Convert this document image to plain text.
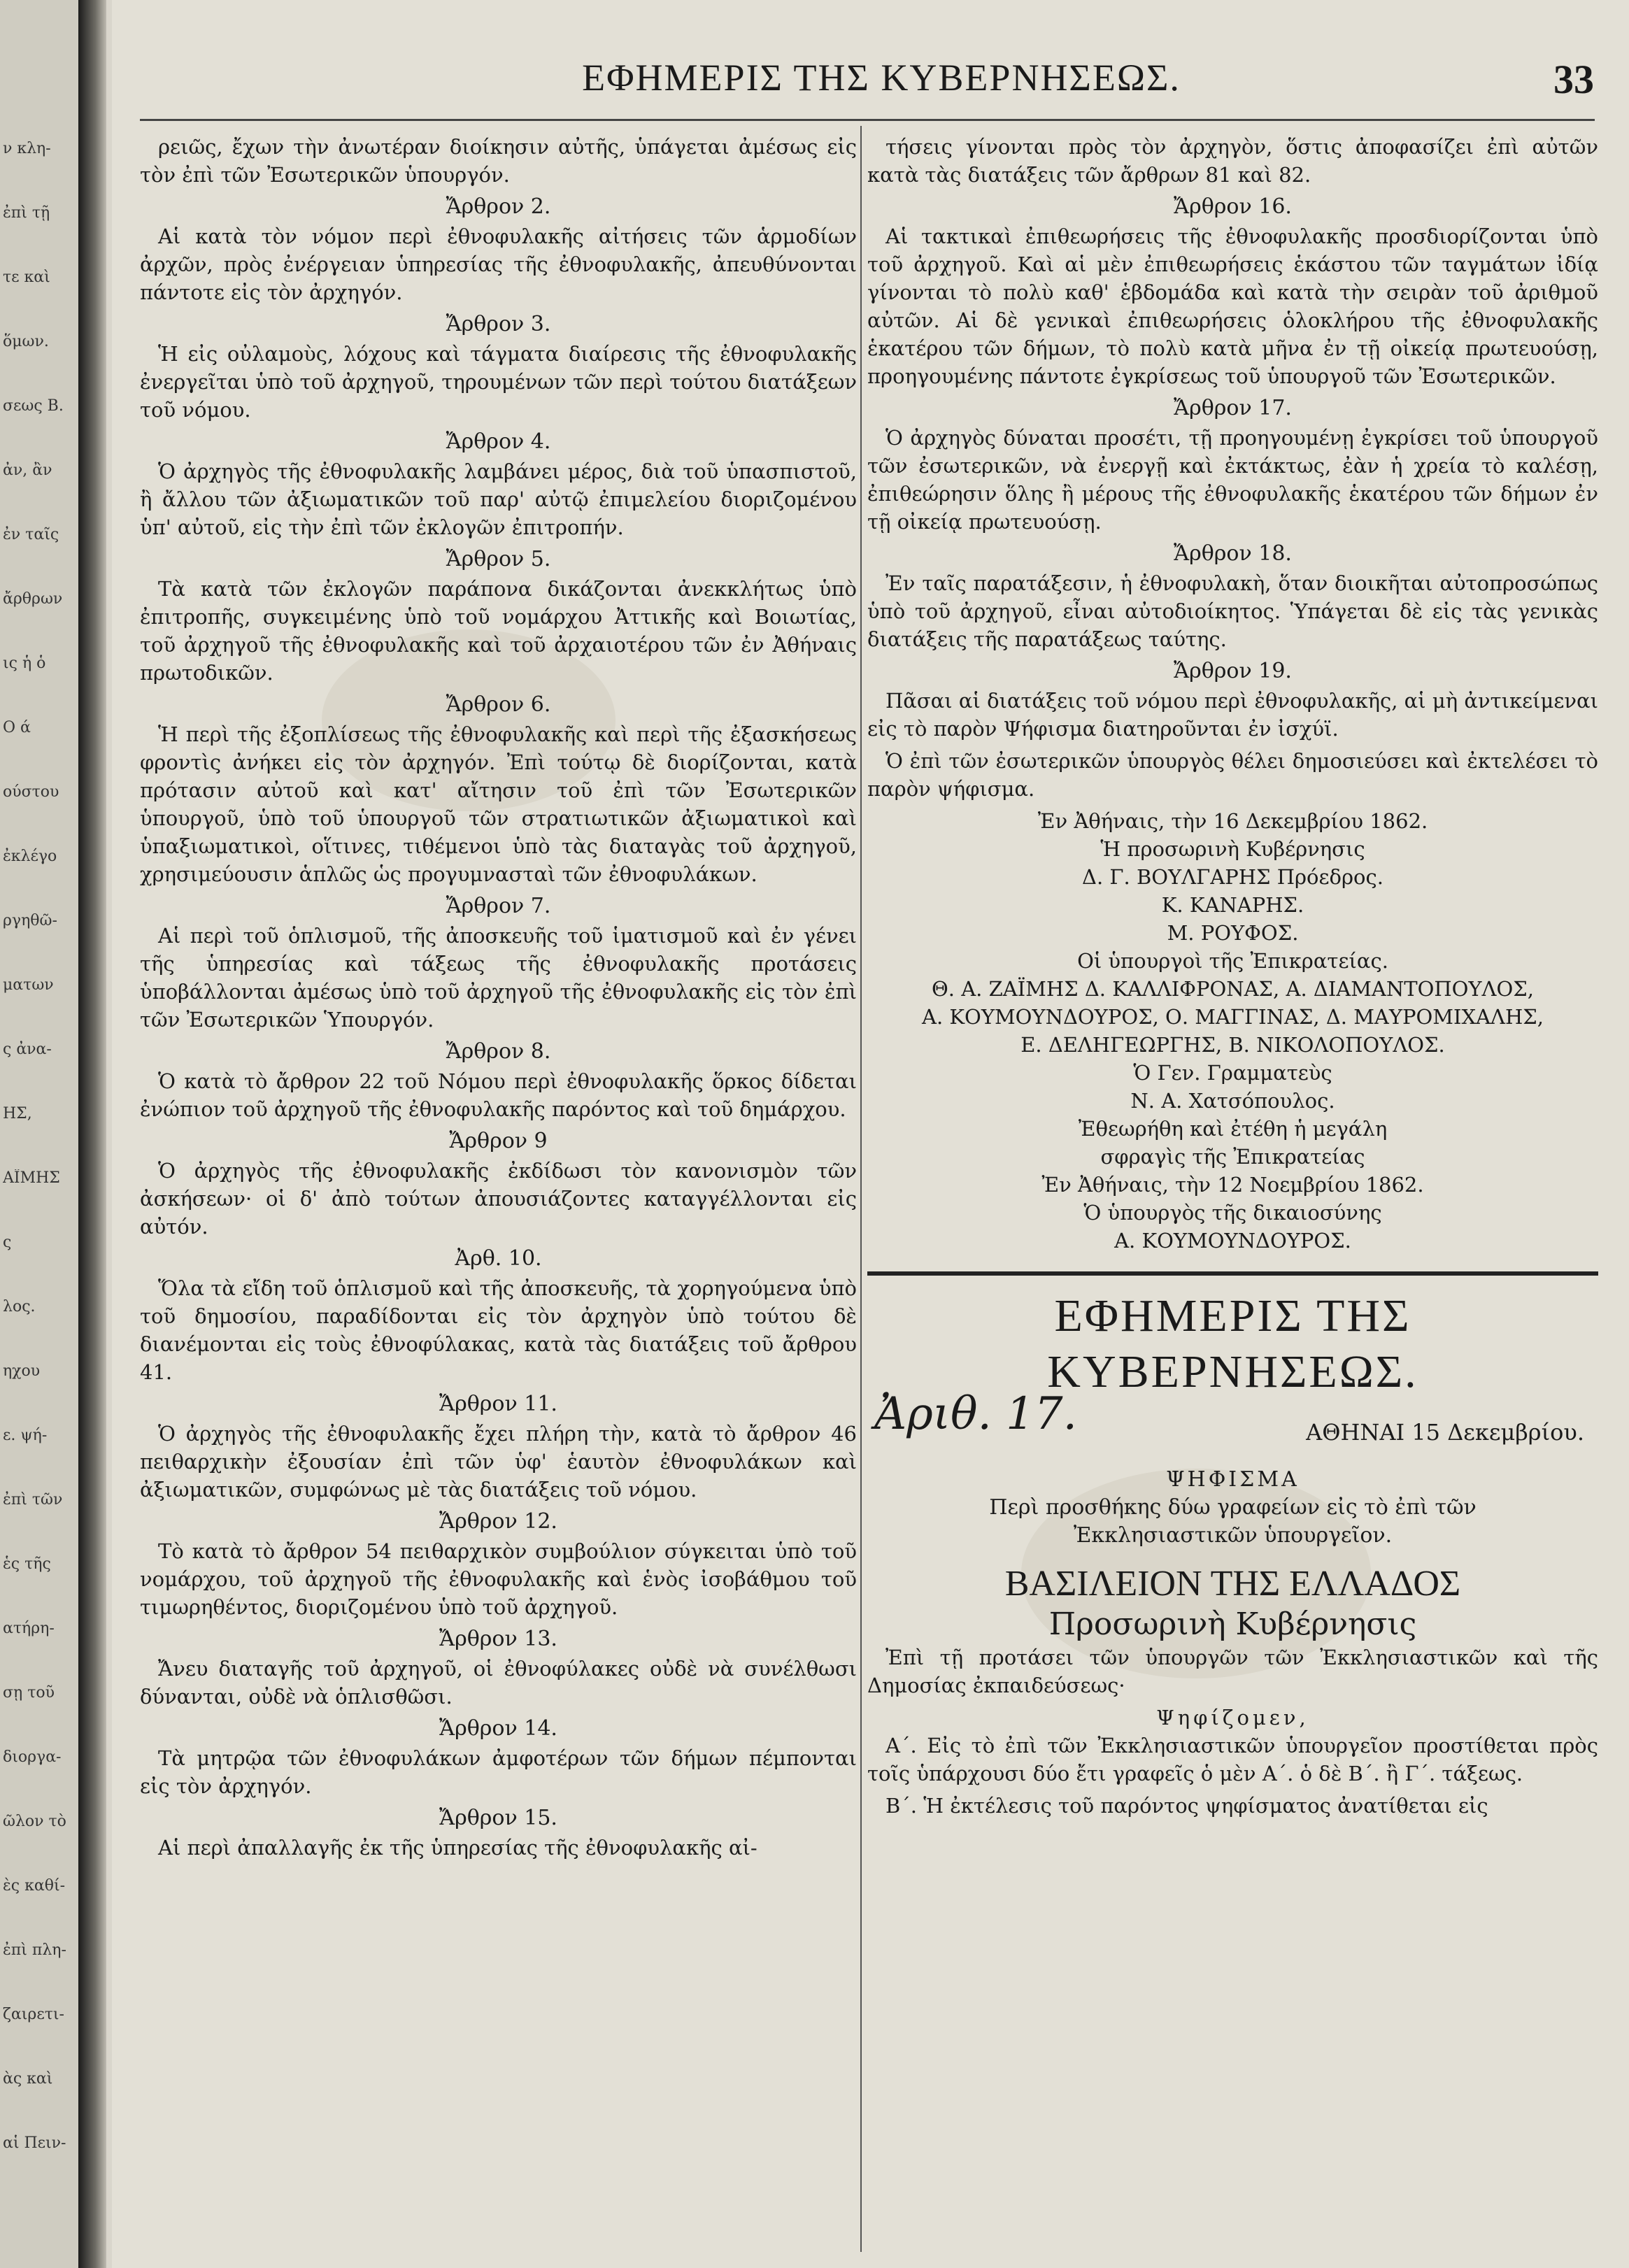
ν κλη-
ἐπὶ τῇ
τε καὶ
ὅμων.
σεως Β.
ἀν, ἂν
ἐν ταῖς
ἄρθρων
ις ἡ ὁ
Ο ά
ούστου
ἐκλέγο
ργηθῶ-
ματων
ς ἀνα-
ΗΣ,
ΑΪΜΗΣ
ς
λος.
ηχου
ε. ψή-
ἐπὶ τῶν
ἑς τῆς
ατήρη-
σῃ τοῦ
διοργα-
ῶλον τὸ
ὲς καθί-
ἐπὶ πλη-
ζαιρετι-
ὰς καὶ
αἱ Πειν-
ΕΦΗΜΕΡΙΣ ΤΗΣ ΚΥΒΕΡΝΗΣΕΩΣ.	33

ρειῶς, ἔχων τὴν ἀνωτέραν διοίκησιν αὐτῆς, ὑπάγεται ἀμέσως εἰς τὸν ἐπὶ τῶν Ἐσωτερικῶν ὑπουργόν.

Ἄρθρον 2.

Αἱ κατὰ τὸν νόμον περὶ ἐθνοφυλακῆς αἰτήσεις τῶν ἁρμοδίων ἀρχῶν, πρὸς ἐνέργειαν ὑπηρεσίας τῆς ἐθνοφυλακῆς, ἀπευθύνονται πάντοτε εἰς τὸν ἀρχηγόν.

Ἄρθρον 3.

Ἡ εἰς οὐλαμοὺς, λόχους καὶ τάγματα διαίρεσις τῆς ἐθνοφυλακῆς ἐνεργεῖται ὑπὸ τοῦ ἀρχηγοῦ, τηρουμένων τῶν περὶ τούτου διατάξεων τοῦ νόμου.

Ἄρθρον 4.

Ὁ ἀρχηγὸς τῆς ἐθνοφυλακῆς λαμβάνει μέρος, διὰ τοῦ ὑπασπιστοῦ, ἢ ἄλλου τῶν ἀξιωματικῶν τοῦ παρ' αὐτῷ ἐπιμελείου διοριζομένου ὑπ' αὐτοῦ, εἰς τὴν ἐπὶ τῶν ἐκλογῶν ἐπιτροπήν.

Ἄρθρον 5.

Τὰ κατὰ τῶν ἐκλογῶν παράπονα δικάζονται ἀνεκκλήτως ὑπὸ ἐπιτροπῆς, συγκειμένης ὑπὸ τοῦ νομάρχου Ἀττικῆς καὶ Βοιωτίας, τοῦ ἀρχηγοῦ τῆς ἐθνοφυλακῆς καὶ τοῦ ἀρχαιοτέρου τῶν ἐν Ἀθήναις πρωτοδικῶν.

Ἄρθρον 6.

Ἡ περὶ τῆς ἐξοπλίσεως τῆς ἐθνοφυλακῆς καὶ περὶ τῆς ἐξασκήσεως φροντὶς ἀνήκει εἰς τὸν ἀρχηγόν. Ἐπὶ τούτῳ δὲ διορίζονται, κατὰ πρότασιν αὐτοῦ καὶ κατ' αἴτησιν τοῦ ἐπὶ τῶν Ἐσωτερικῶν ὑπουργοῦ, ὑπὸ τοῦ ὑπουργοῦ τῶν στρατιωτικῶν ἀξιωματικοὶ καὶ ὑπαξιωματικοὶ, οἵτινες, τιθέμενοι ὑπὸ τὰς διαταγὰς τοῦ ἀρχηγοῦ, χρησιμεύουσιν ἁπλῶς ὡς προγυμνασταὶ τῶν ἐθνοφυλάκων.

Ἄρθρον 7.

Αἱ περὶ τοῦ ὁπλισμοῦ, τῆς ἀποσκευῆς τοῦ ἱματισμοῦ καὶ ἐν γένει τῆς ὑπηρεσίας καὶ τάξεως τῆς ἐθνοφυλακῆς προτάσεις ὑποβάλλονται ἀμέσως ὑπὸ τοῦ ἀρχηγοῦ τῆς ἐθνοφυλακῆς εἰς τὸν ἐπὶ τῶν Ἐσωτερικῶν Ὑπουργόν.

Ἄρθρον 8.

Ὁ κατὰ τὸ ἄρθρον 22 τοῦ Νόμου περὶ ἐθνοφυλακῆς ὅρκος δίδεται ἐνώπιον τοῦ ἀρχηγοῦ τῆς ἐθνοφυλακῆς παρόντος καὶ τοῦ δημάρχου.

Ἄρθρον 9

Ὁ ἀρχηγὸς τῆς ἐθνοφυλακῆς ἐκδίδωσι τὸν κανονισμὸν τῶν ἀσκήσεων· οἱ δ' ἀπὸ τούτων ἀπουσιάζοντες καταγγέλλονται εἰς αὐτόν.

Ἀρθ. 10.

Ὅλα τὰ εἴδη τοῦ ὁπλισμοῦ καὶ τῆς ἀποσκευῆς, τὰ χορηγούμενα ὑπὸ τοῦ δημοσίου, παραδίδονται εἰς τὸν ἀρχηγὸν ὑπὸ τούτου δὲ διανέμονται εἰς τοὺς ἐθνοφύλακας, κατὰ τὰς διατάξεις τοῦ ἄρθρου 41.

Ἄρθρον 11.

Ὁ ἀρχηγὸς τῆς ἐθνοφυλακῆς ἔχει πλήρη τὴν, κατὰ τὸ ἄρθρον 46 πειθαρχικὴν ἐξουσίαν ἐπὶ τῶν ὑφ' ἑαυτὸν ἐθνοφυλάκων καὶ ἀξιωματικῶν, συμφώνως μὲ τὰς διατάξεις τοῦ νόμου.

Ἄρθρον 12.

Τὸ κατὰ τὸ ἄρθρον 54 πειθαρχικὸν συμβούλιον σύγκειται ὑπὸ τοῦ νομάρχου, τοῦ ἀρχηγοῦ τῆς ἐθνοφυλακῆς καὶ ἑνὸς ἰσοβάθμου τοῦ τιμωρηθέντος, διοριζομένου ὑπὸ τοῦ ἀρχηγοῦ.

Ἄρθρον 13.

Ἄνευ διαταγῆς τοῦ ἀρχηγοῦ, οἱ ἐθνοφύλακες οὐδὲ νὰ συνέλθωσι δύνανται, οὐδὲ νὰ ὁπλισθῶσι.

Ἄρθρον 14.

Τὰ μητρῷα τῶν ἐθνοφυλάκων ἀμφοτέρων τῶν δήμων πέμπονται εἰς τὸν ἀρχηγόν.

Ἄρθρον 15.

Αἱ περὶ ἀπαλλαγῆς ἐκ τῆς ὑπηρεσίας τῆς ἐθνοφυλακῆς αἰ-

τήσεις γίνονται πρὸς τὸν ἀρχηγὸν, ὅστις ἀποφασίζει ἐπὶ αὐτῶν κατὰ τὰς διατάξεις τῶν ἄρθρων 81 καὶ 82.

Ἄρθρον 16.

Αἱ τακτικαὶ ἐπιθεωρήσεις τῆς ἐθνοφυλακῆς προσδιορίζονται ὑπὸ τοῦ ἀρχηγοῦ. Καὶ αἱ μὲν ἐπιθεωρήσεις ἑκάστου τῶν ταγμάτων ἰδίᾳ γίνονται τὸ πολὺ καθ' ἑβδομάδα καὶ κατὰ τὴν σειρὰν τοῦ ἀριθμοῦ αὐτῶν. Αἱ δὲ γενικαὶ ἐπιθεωρήσεις ὁλοκλήρου τῆς ἐθνοφυλακῆς ἑκατέρου τῶν δήμων, τὸ πολὺ κατὰ μῆνα ἐν τῇ οἰκείᾳ πρωτευούσῃ, προηγουμένης πάντοτε ἐγκρίσεως τοῦ ὑπουργοῦ τῶν Ἐσωτερικῶν.

Ἄρθρον 17.

Ὁ ἀρχηγὸς δύναται προσέτι, τῇ προηγουμένῃ ἐγκρίσει τοῦ ὑπουργοῦ τῶν ἐσωτερικῶν, νὰ ἐνεργῇ καὶ ἐκτάκτως, ἐὰν ἡ χρεία τὸ καλέσῃ, ἐπιθεώρησιν ὅλης ἢ μέρους τῆς ἐθνοφυλακῆς ἑκατέρου τῶν δήμων ἐν τῇ οἰκείᾳ πρωτευούσῃ.

Ἄρθρον 18.

Ἐν ταῖς παρατάξεσιν, ἡ ἐθνοφυλακὴ, ὅταν διοικῆται αὐτοπροσώπως ὑπὸ τοῦ ἀρχηγοῦ, εἶναι αὐτοδιοίκητος. Ὑπάγεται δὲ εἰς τὰς γενικὰς διατάξεις τῆς παρατάξεως ταύτης.

Ἄρθρον 19.

Πᾶσαι αἱ διατάξεις τοῦ νόμου περὶ ἐθνοφυλακῆς, αἱ μὴ ἀντικείμεναι εἰς τὸ παρὸν Ψήφισμα διατηροῦνται ἐν ἰσχύϊ.

Ὁ ἐπὶ τῶν ἐσωτερικῶν ὑπουργὸς θέλει δημοσιεύσει καὶ ἐκτελέσει τὸ παρὸν ψήφισμα.

Ἐν Ἀθήναις, τὴν 16 Δεκεμβρίου 1862.
Ἡ προσωρινὴ Κυβέρνησις
Δ. Γ. ΒΟΥΛΓΑΡΗΣ Πρόεδρος.
Κ. ΚΑΝΑΡΗΣ.
Μ. ΡΟΥΦΟΣ.
Οἱ ὑπουργοὶ τῆς Ἐπικρατείας.
Θ. Α. ΖΑΪΜΗΣ Δ. ΚΑΛΛΙΦΡΟΝΑΣ, Α. ΔΙΑΜΑΝΤΟΠΟΥΛΟΣ,
Α. ΚΟΥΜΟΥΝΔΟΥΡΟΣ, Ο. ΜΑΓΓΙΝΑΣ, Δ. ΜΑΥΡΟΜΙΧΑΛΗΣ,
Ε. ΔΕΛΗΓΕΩΡΓΗΣ, Β. ΝΙΚΟΛΟΠΟΥΛΟΣ.
Ὁ Γεν. Γραμματεὺς
Ν. Α. Χατσόπουλος.
Ἐθεωρήθη καὶ ἐτέθη ἡ μεγάλη
σφραγὶς τῆς Ἐπικρατείας
Ἐν Ἀθήναις, τὴν 12 Νοεμβρίου 1862.
Ὁ ὑπουργὸς τῆς δικαιοσύνης
Α. ΚΟΥΜΟΥΝΔΟΥΡΟΣ.
ΕΦΗΜΕΡΙΣ ΤΗΣ ΚΥΒΕΡΝΗΣΕΩΣ.
Ἀριθ. 17.	ΑΘΗΝΑΙ 15 Δεκεμβρίου.
ΨΗΦΙΣΜΑ
Περὶ προσθήκης δύω γραφείων εἰς τὸ ἐπὶ τῶν Ἐκκλησιαστικῶν ὑπουργεῖον.
ΒΑΣΙΛΕΙΟΝ ΤΗΣ ΕΛΛΑΔΟΣ
Προσωρινὴ Κυβέρνησις

Ἐπὶ τῇ προτάσει τῶν ὑπουργῶν τῶν Ἐκκλησιαστικῶν καὶ τῆς Δημοσίας ἐκπαιδεύσεως·

Ψηφίζομεν,

Α΄. Εἰς τὸ ἐπὶ τῶν Ἐκκλησιαστικῶν ὑπουργεῖον προστίθεται πρὸς τοῖς ὑπάρχουσι δύο ἔτι γραφεῖς ὁ μὲν Α΄. ὁ δὲ Β΄. ἢ Γ΄. τάξεως.

Β΄. Ἡ ἐκτέλεσις τοῦ παρόντος ψηφίσματος ἀνατίθεται εἰς
